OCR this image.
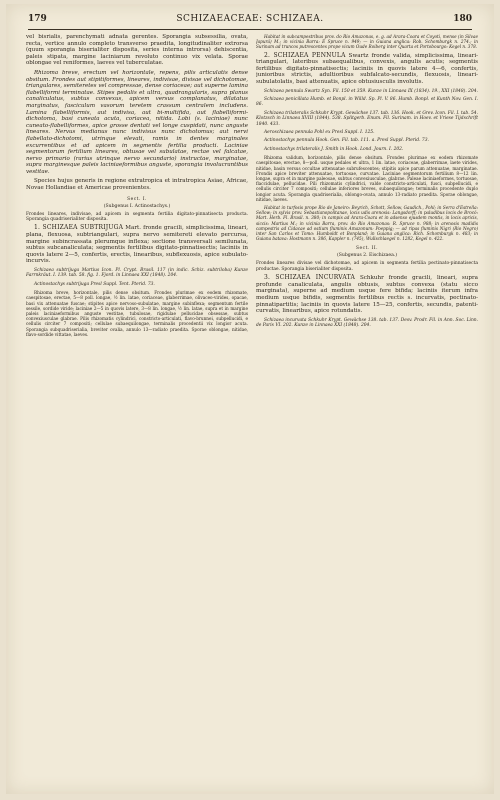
179	SCHIZAEACEAE: SCHIZAEA.	180

vel bisrialis, parenchymati adnata gerentes. Sporangia subsessilia, ovata, recta, vertice annulo completo transverso praedita, longitudinaliter extrorsa (quum sporangia biserialiter disposita, series interna introrsa) dehiscentia, paleis stipata, margine laciniarum revoluto continuo vix velata. Sporae oblongae vel reniformes, laeves vel tuberculatae.

Rhizoma breve, erectum vel horizontale, repens, pilis articulatis dense obsitum. Frondes aut stipitiformes, lineares, indivisae, divisae vel dichotomae, triangulares, semiteretes vel compressae, dense coriaceae; aut superne lamina flabelliformi terminatae. Stipes pedalis et ultra, quadrangularis, supra planus canaliculatus, subtus convexus, apicem versus complanatus, dilatatus marginatus, fasciculum vasorum teretem crassum centralem includens. Lamina flabelliformis, aut indivisa, aut bi-multifida, aut flabelliformi-dichotoma, basi cuneata acuta, coriacea, nitida. Lobi (s. laciniae) nunc cuneato-flabelliformes, apice grosse dentati vel longe cuspidati, nunc anguste lineares. Nervus medianus nunc indivisus nunc dichotomus; aut nervi flabellato-dichotomi, utrinque elevati, ramis in dentes marginales excurrentibus et ad apicem in segmentis fertilia producti. Laciniae segmentorum fertilium lineares, obtusae vel subulatae, rectae vel falcatae, nervo primario (rarius utrinque nervo secundario) instructae, marginatae, supra marginesque paleis laciniaeformibus anguste, sporangia involucrantibus vestitae.

Species hujus generis in regione extratropica et intratropica Asiae, Africae, Novae Hollandiae et Americae provenientes.

Sect. I.
(Subgenus I. Actinostachys.)

Frondes lineares, indivisae, ad apicem in segmenta fertilia digitato-pinnatisecta producta. Sporangia quadriserialiter disposita.

1. SCHIZAEA SUBTRIJUGA Mart. fronde gracili, simplicissima, lineari, plana, flexuosa, subtriangulari, supra nervo semitereti elevato percursa, margine subincrassata plerumque inflexa; sectione transversali semilunata, subtus subcanaliculata; segmentis fertilibus digitato-pinnatisectis; laciniis in quovis latere 2—5, confertis, erectis, linearibus, subflexuosis, apice subulato-incurvis.

Schizaea subtrijuga Martius Icon. Pl. Crypt. Brasil. 117 (in indic. Schiz. subtriloba) Kunze Farrnkräut. I. 139. tab. 58. fig. 1. Fjord. in Linnaea XXI (1848). 204.

Actinostachys subtrijuga Presl Suppl. Tent. Pterid. 73.

Rhizoma breve, horizontale, pilis dense obsitum. Frondes plurimae ex eodem rhizomate, caespitosae, erectae, 5—8 poll. longae, ½ lin. latae, coriaceae, glaberrimae, olivaceo-virides, opacae, basi vix attenuatae fuscae; stipites apice nervoso-subulatae, margine subinflexa; segmentum fertile sessile, sordide viride; laciniae 2—5 in quovis latere, 3—8 lin. longae, ½ lin. latae, supra et in margine paleis laciniaeformibus anguste vestitae, tubulosae, rigidulae pellucidae obsessae, subtus convexiusculae glabrae. Pilis rhizomatis cylindrici, constricto-articulati, flavo-brunnei, subpellucidi, e cellulis circiter 7 compositi; cellulae subaequilongae, terminalis procedentii vix longior acuta. Sporangia subquadriserialia, breviter ovalia, annulo 13—radiato praedita. Sporae oblongae, nitidae, flavo-sordide vittatae, laeves.

Habitat in subcampestribus prov. do Rio Amazonas, e. g. ad Arara-Coara et Coyoti, mense (in Silvae Japurá) M.; in vicinia Barra: E Spruce n. 949; — in Guiana anglica: Rob. Schomburgk n. 274.; in Surinam ad truncos putrescentes prope vicum Oude Roiberg inter Quarta et Portobourgo: Kegel n. 378.

2. SCHIZAEA PENNULA Swartz fronde valida, simplicissima, lineari-triangulari, lateribus subaequalibus, convexis, angulis acutis; segmentis fertilibus digitato-pinnatisectis; laciniis in quovis latere 4—6, confertis, junioribus strictis, adultioribus subfalcato-secundis, flexuosis, lineari-subulatolatis, basi attenuatis, apice obtusiusculis involutis.

Schizaea pennula Swartz Syn. Fil. 150 et 359. Kunze in Linnaea IX (1834). 19., XXI (1848). 204.

Schizaea penicillata Humb. et Bonpl. in Willd. Sp. Pl. V. 86. Humb. Bonpl. et Kunth Nov. Gen. I. 86.

Schizaea trilateralis Schkuhr Krypt. Gewächse 137. tab. 136. Hook. et Grev. Icon. Fil. I. tab. 54. Klotzsch in Linnaea XVIII (1844). 538. Splitgerb. Enum. Fil. Surinam. in Hoev. et Vriese Tijdschrift 1840. 433.

Aeroschizaea pennula Pohl ex Presl Suppl. I. 125.

Actinostachys pennula Hook. Gen. Fil. tab. 111. a. Presl Suppl. Pterid. 73.

Actinostachys trilateralis J. Smith in Hook. Lond. Journ. I. 202.

Rhizoma validum, horizontale, pilis dense obsitum. Frondes plurimae ex eodem rhizomate caespitosae, erectae, 8—poll. usque pedales et ultra, 1 lin. latae, coriaceae, glaberrimae, laete virides, nitidae, basin versus occultae attenuatae subrufescentes; stipitis apice parum attenuatae, marginatae. Frondis apice breviter attenuatae, tortuosae, curvatae. Laciniae segmentorum fertilium 8—12 lin. longae, supra et in margine paleosae, subtus convexiusculae, glabrae. Paleae laciniaeformes, tortuosae, flaccidulae, pellucidae. Pili rhizomatis cylindrici, valde constricto-articulati, fusci, subpellucidi, e cellulis circiter 7 compositi; cellulae inferiores breves, subaequilongae; terminalis procedente duplo longior acuta. Sporangia quadriserialia, oblongo-ovata, annulo 13-radiato praedita. Sporae oblongae, nitidae, laeves.

Habitat in turfosis prope Rio de Janeiro: Beyrich, Schott, Sellow, Gaudich., Pohl; in Serra d'Estrella: Sellow; in sylvis prov. Sebastianopolitanae, locis udis arenosis: Langsdorff; in paludibus locis de Brocó: Mart. Herb. Fl. Brasil. n. 380; in campis ad Arara-Coara et in adsenso ejusdem montis, in locis apricis, siccis: Martius M.; in vicinia Barra, prov. do Rio Amazonas: R. Spruce n. 988; in arenosis madidis campestris ad Cidacae ad ostium fluminis Amazonum: Poeppig; — ad ripas fluminis Nigri (Rio Negro) inter San Carlos et Tomo: Humboldt et Bonpland; in Guiana anglica: Rich. Schomburgk n. 483; in Guiana batava: Hostmann n. 386, Kappler n. (745), Wullschlaegel n. 1282, Kegel n. 422.

Sect. II.
(Subgenus 2. Eischizaea.)

Frondes lineares divisae vel dichotomae, ad apicem in segmenta fertilia pectinato-pinnatisecta productae. Sporangia biserialiter disposita.

3. SCHIZAEA INCURVATA Schkuhr fronde gracili, lineari, supra profunde canaliculata, angulis obtusis, subtus convexa (statu sicco marginata), superne ad medium usque fere bifida; laciniis iterum infra medium usque bifidis, segmentis fertilibus rectis s. incurvatis, pectinato-pinnatipartitis; laciniis in quovis latere 15—25, confertis, secundis, patenti-curvatis, linearibus, apice rotundatis.

Schizaea incurvata Schkuhr Krypt. Gewächse 138. tab. 137. Desv. Prodr. Fil. in Ann. Soc. Linn. de Paris VI. 202. Kunze in Linnaea XXI (1848). 204.
